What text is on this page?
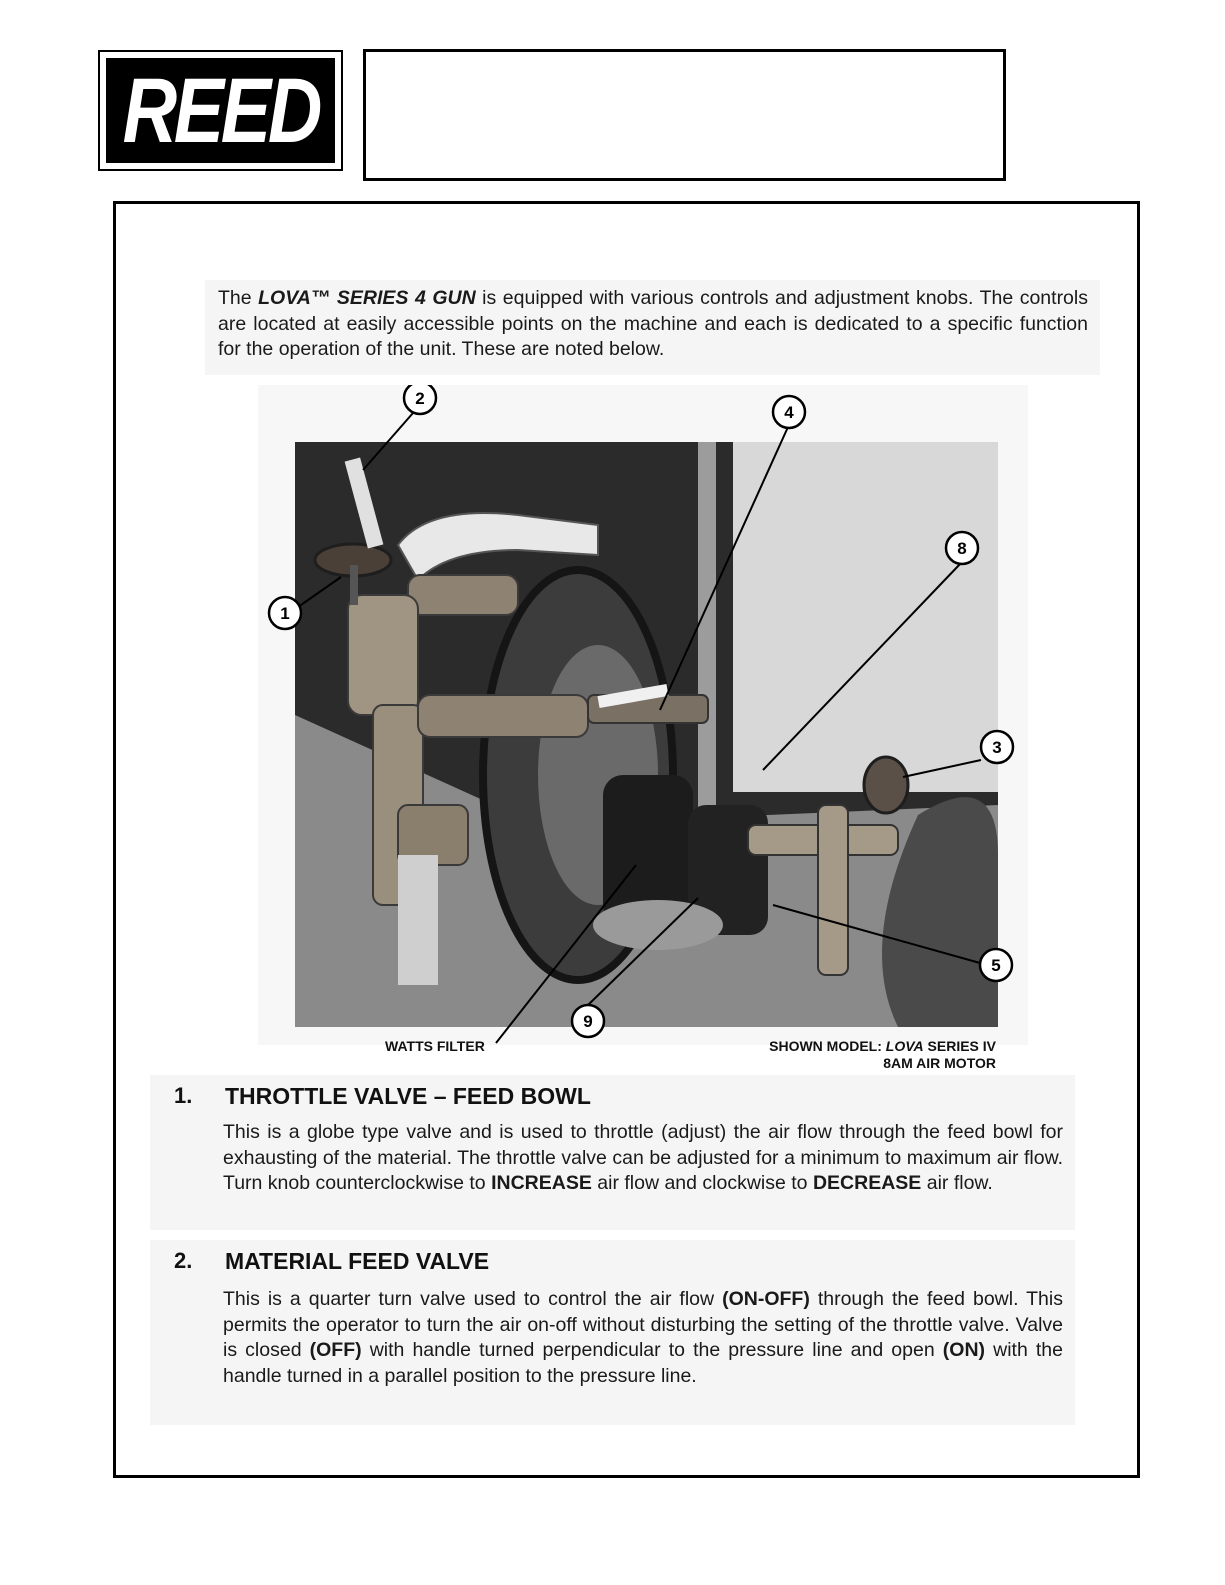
REED

The LOVA™ SERIES 4 GUN is equipped with various controls and adjustment knobs. The controls are located at easily accessible points on the machine and each is dedicated to a specific function for the operation of the unit. These are noted below.

2
4
8
1
3
5
9
WATTS FILTER	SHOWN MODEL: LOVA SERIES IV
8AM AIR MOTOR
1. THROTTLE VALVE – FEED BOWL

This is a globe type valve and is used to throttle (adjust) the air flow through the feed bowl for exhausting of the material. The throttle valve can be adjusted for a minimum to maximum air flow. Turn knob counterclockwise to INCREASE air flow and clockwise to DECREASE air flow.

2. MATERIAL FEED VALVE

This is a quarter turn valve used to control the air flow (ON-OFF) through the feed bowl. This permits the operator to turn the air on-off without disturbing the setting of the throttle valve. Valve is closed (OFF) with handle turned perpendicular to the pressure line and open (ON) with the handle turned in a parallel position to the pressure line.
